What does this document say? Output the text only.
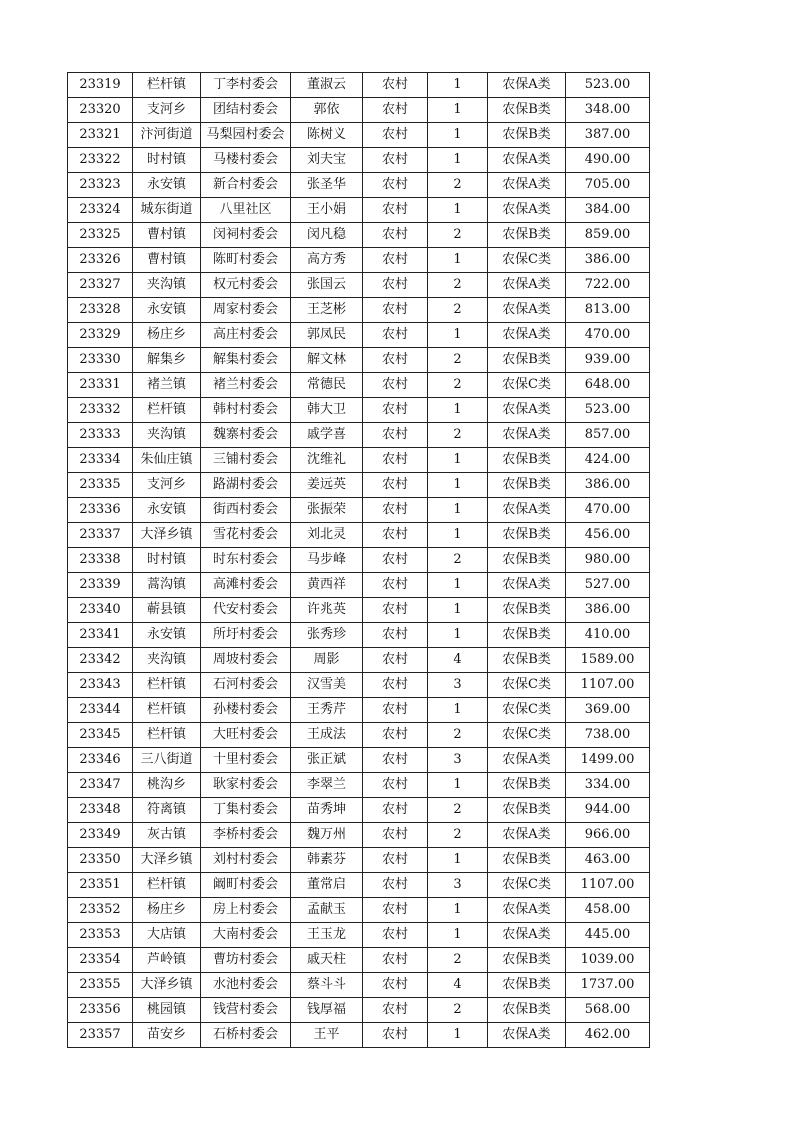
23319	栏杆镇	丁李村委会	董淑云	农村	1	农保A类	523.00
23320	支河乡	团结村委会	郭依	农村	1	农保B类	348.00
23321	汴河街道	马梨园村委会	陈树义	农村	1	农保B类	387.00
23322	时村镇	马楼村委会	刘夫宝	农村	1	农保A类	490.00
23323	永安镇	新合村委会	张圣华	农村	2	农保A类	705.00
23324	城东街道	八里社区	王小娟	农村	1	农保A类	384.00
23325	曹村镇	闵祠村委会	闵凡稳	农村	2	农保B类	859.00
23326	曹村镇	陈町村委会	高方秀	农村	1	农保C类	386.00
23327	夹沟镇	权元村委会	张国云	农村	2	农保A类	722.00
23328	永安镇	周家村委会	王芝彬	农村	2	农保A类	813.00
23329	杨庄乡	高庄村委会	郭凤民	农村	1	农保A类	470.00
23330	解集乡	解集村委会	解文林	农村	2	农保B类	939.00
23331	褚兰镇	褚兰村委会	常德民	农村	2	农保C类	648.00
23332	栏杆镇	韩村村委会	韩大卫	农村	1	农保A类	523.00
23333	夹沟镇	魏寨村委会	戚学喜	农村	2	农保A类	857.00
23334	朱仙庄镇	三铺村委会	沈维礼	农村	1	农保B类	424.00
23335	支河乡	路湖村委会	姜远英	农村	1	农保B类	386.00
23336	永安镇	街西村委会	张振荣	农村	1	农保A类	470.00
23337	大泽乡镇	雪花村委会	刘北灵	农村	1	农保B类	456.00
23338	时村镇	时东村委会	马步峰	农村	2	农保B类	980.00
23339	蒿沟镇	高滩村委会	黄西祥	农村	1	农保A类	527.00
23340	蕲县镇	代安村委会	许兆英	农村	1	农保B类	386.00
23341	永安镇	所圩村委会	张秀珍	农村	1	农保B类	410.00
23342	夹沟镇	周坡村委会	周影	农村	4	农保B类	1589.00
23343	栏杆镇	石河村委会	汉雪美	农村	3	农保C类	1107.00
23344	栏杆镇	孙楼村委会	王秀芹	农村	1	农保C类	369.00
23345	栏杆镇	大旺村委会	王成法	农村	2	农保C类	738.00
23346	三八街道	十里村委会	张正斌	农村	3	农保A类	1499.00
23347	桃沟乡	耿家村委会	李翠兰	农村	1	农保B类	334.00
23348	符离镇	丁集村委会	苗秀坤	农村	2	农保B类	944.00
23349	灰古镇	李桥村委会	魏万州	农村	2	农保A类	966.00
23350	大泽乡镇	刘村村委会	韩素芬	农村	1	农保B类	463.00
23351	栏杆镇	阚町村委会	董常启	农村	3	农保C类	1107.00
23352	杨庄乡	房上村委会	孟献玉	农村	1	农保A类	458.00
23353	大店镇	大南村委会	王玉龙	农村	1	农保A类	445.00
23354	芦岭镇	曹坊村委会	戚天柱	农村	2	农保B类	1039.00
23355	大泽乡镇	水池村委会	蔡斗斗	农村	4	农保B类	1737.00
23356	桃园镇	钱营村委会	钱厚福	农村	2	农保B类	568.00
23357	苗安乡	石桥村委会	王平	农村	1	农保A类	462.00
